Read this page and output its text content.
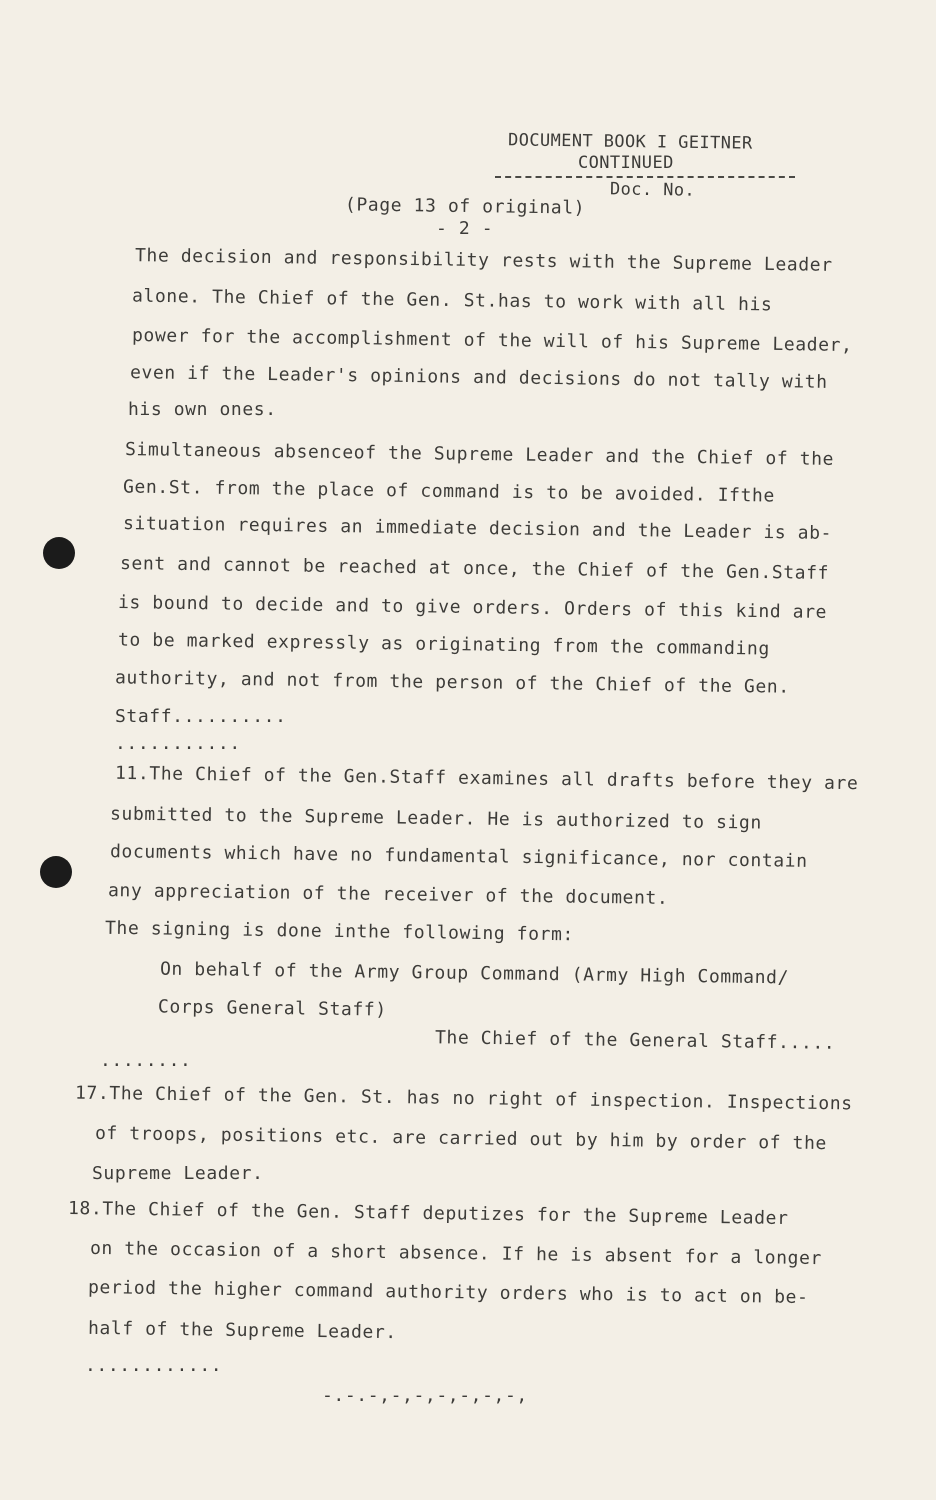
DOCUMENT BOOK I GEITNER
CONTINUED
Doc. No.
(Page 13 of original)
- 2 -
The decision and responsibility rests with the Supreme Leader
alone. The Chief of the Gen. St.has to work with all his
power for the accomplishment of the will of his Supreme Leader,
even if the Leader's opinions and decisions do not tally with
his own ones.
Simultaneous absenceof the Supreme Leader and the Chief of the
Gen.St. from the place of command is to be avoided. Ifthe
situation requires an immediate decision and the Leader is ab-
sent and cannot be reached at once, the Chief of the Gen.Staff
is bound to decide and to give orders. Orders of this kind are
to be marked expressly as originating from the commanding
authority, and not from the person of the Chief of the Gen.
Staff..........
...........
11.The Chief of the Gen.Staff examines all drafts before they are
submitted to the Supreme Leader. He is authorized to sign
documents which have no fundamental significance, nor contain
any appreciation of the receiver of the document.
The signing is done inthe following form:
On behalf of the Army Group Command (Army High Command/
Corps General Staff)
The Chief of the General Staff.....
........
17.The Chief of the Gen. St. has no right of inspection. Inspections
of troops, positions etc. are carried out by him by order of the
Supreme Leader.
18.The Chief of the Gen. Staff deputizes for the Supreme Leader
on the occasion of a short absence. If he is absent for a longer
period the higher command authority orders who is to act on be-
half of the Supreme Leader.
............
-.-.-,-,-,-,-,-,-,
